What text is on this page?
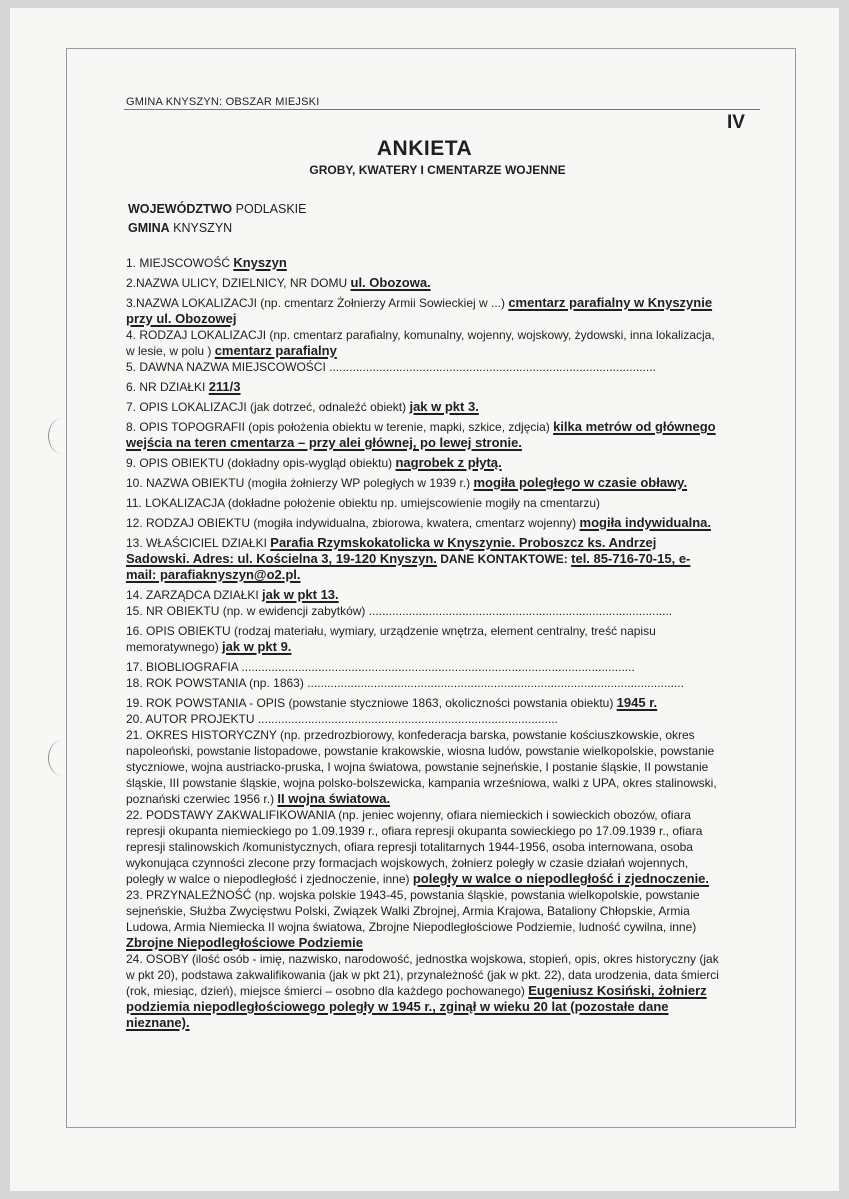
GMINA KNYSZYN: OBSZAR MIEJSKI
IV
ANKIETA
GROBY, KWATERY I CMENTARZE WOJENNE
WOJEWÓDZTWO PODLASKIE
GMINA KNYSZYN
1. MIEJSCOWOŚĆ Knyszyn
2.NAZWA ULICY, DZIELNICY, NR DOMU ul. Obozowa.
3.NAZWA LOKALIZACJI (np. cmentarz Żołnierzy Armii Sowieckiej w ...) cmentarz parafialny w Knyszynie
przy ul. Obozowej
4. RODZAJ LOKALIZACJI (np. cmentarz parafialny, komunalny, wojenny, wojskowy, żydowski, inna lokalizacja,
w lesie, w polu ) cmentarz parafialny
5. DAWNA NAZWA MIEJSCOWOŚCI ..................................................................................................
6. NR DZIAŁKI 211/3
7. OPIS LOKALIZACJI (jak dotrzeć, odnaleźć obiekt) jak w pkt 3.
8. OPIS TOPOGRAFII (opis położenia obiektu w terenie, mapki, szkice, zdjęcia) kilka metrów od głównego
wejścia na teren cmentarza – przy alei głównej, po lewej stronie.
9. OPIS OBIEKTU (dokładny opis-wygląd obiektu) nagrobek z płytą.
10. NAZWA OBIEKTU (mogiła żołnierzy WP poległych w 1939 r.) mogiła poległego w czasie obławy.
11. LOKALIZACJA (dokładne położenie obiektu np. umiejscowienie mogiły na cmentarzu)
12. RODZAJ OBIEKTU (mogiła indywidualna, zbiorowa, kwatera, cmentarz wojenny) mogiła indywidualna.
13. WŁAŚCICIEL DZIAŁKI Parafia Rzymskokatolicka w Knyszynie. Proboszcz ks. Andrzej
Sadowski. Adres: ul. Kościelna 3, 19-120 Knyszyn. DANE KONTAKTOWE: tel. 85-716-70-15, e-
mail: parafiaknyszyn@o2.pl.
14. ZARZĄDCA DZIAŁKI jak w pkt 13.
15. NR OBIEKTU (np. w ewidencji zabytków) ...........................................................................................
16. OPIS OBIEKTU (rodzaj materiału, wymiary, urządzenie wnętrza, element centralny, treść napisu
memoratywnego) jak w pkt 9.
17. BIOBLIOGRAFIA ......................................................................................................................
18. ROK POWSTANIA (np. 1863) .................................................................................................................
19. ROK POWSTANIA - OPIS (powstanie styczniowe 1863, okoliczności powstania obiektu) 1945 r.
20. AUTOR PROJEKTU ..........................................................................................
21. OKRES HISTORYCZNY (np. przedrozbiorowy, konfederacja barska, powstanie kościuszkowskie, okres
napoleoński, powstanie listopadowe, powstanie krakowskie, wiosna ludów, powstanie wielkopolskie, powstanie
styczniowe, wojna austriacko-pruska, I wojna światowa, powstanie sejneńskie, I postanie śląskie, II powstanie
śląskie, III powstanie śląskie, wojna polsko-bolszewicka, kampania wrześniowa, walki z UPA, okres stalinowski,
poznański czerwiec 1956 r.) II wojna światowa.
22. PODSTAWY ZAKWALIFIKOWANIA (np. jeniec wojenny, ofiara niemieckich i sowieckich obozów, ofiara
represji okupanta niemieckiego po 1.09.1939 r., ofiara represji okupanta sowieckiego po 17.09.1939 r., ofiara
represji stalinowskich /komunistycznych, ofiara represji totalitarnych 1944-1956, osoba internowana, osoba
wykonująca czynności zlecone przy formacjach wojskowych, żołnierz poległy w czasie działań wojennych,
poległy w walce o niepodległość i zjednoczenie, inne) poległy w walce o niepodległość i zjednoczenie.
23. PRZYNALEŻNOŚĆ (np. wojska polskie 1943-45, powstania śląskie, powstania wielkopolskie, powstanie
sejneńskie, Służba Zwycięstwu Polski, Związek Walki Zbrojnej, Armia Krajowa, Bataliony Chłopskie, Armia
Ludowa, Armia Niemiecka II wojna światowa, Zbrojne Niepodległościowe Podziemie, ludność cywilna, inne)
Zbrojne Niepodległościowe Podziemie
24. OSOBY (ilość osób - imię, nazwisko, narodowość, jednostka wojskowa, stopień, opis, okres historyczny (jak
w pkt 20), podstawa zakwalifikowania (jak w pkt 21), przynależność (jak w pkt. 22), data urodzenia, data śmierci
(rok, miesiąc, dzień), miejsce śmierci – osobno dla każdego pochowanego) Eugeniusz Kosiński, żołnierz
podziemia niepodległościowego poległy w 1945 r., zginął w wieku 20 lat (pozostałe dane
nieznane).
